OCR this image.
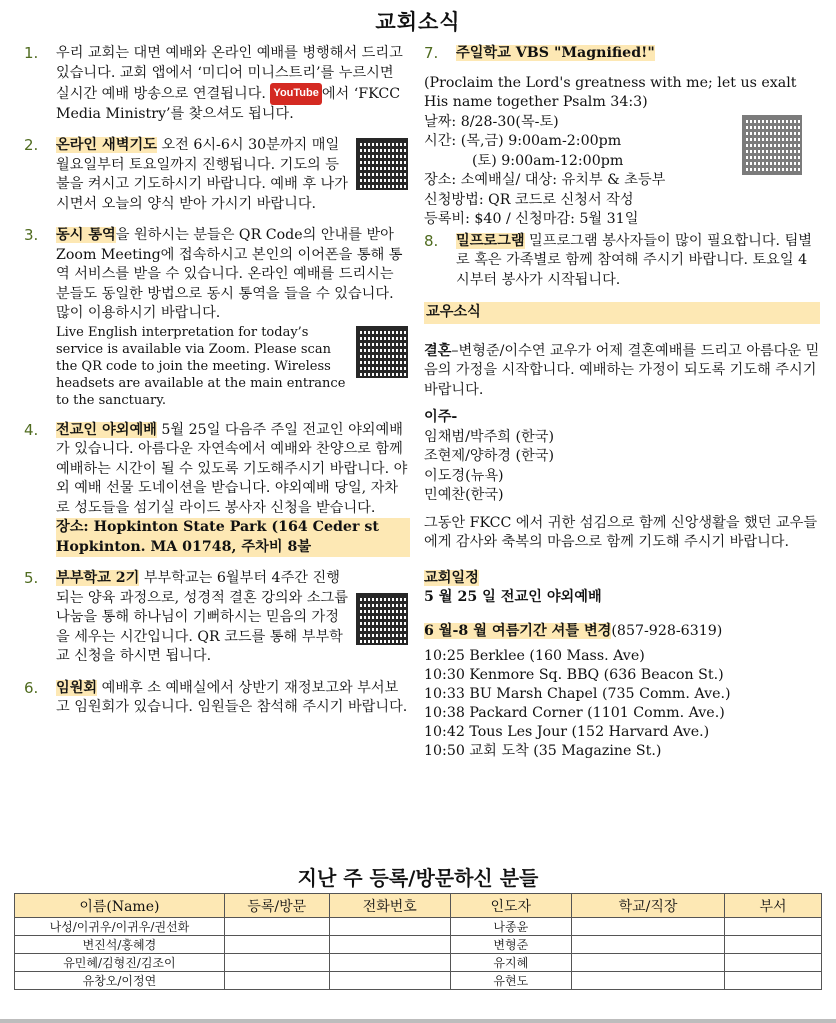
교회소식
1. 우리 교회는 대면 예배와 온라인 예배를 병행해서 드리고 있습니다. 교회 앱에서 ‘미디어 미니스트리’를 누르시면 실시간 예배 방송으로 연결됩니다. YouTube 에서 ‘FKCC Media Ministry’를 찾으셔도 됩니다.
2. 온라인 새벽기도 오전 6시-6시 30분까지 매일 월요일부터 토요일까지 진행됩니다. 기도의 등불을 켜시고 기도하시기 바랍니다. 예배 후 나가시면서 오늘의 양식 받아 가시기 바랍니다.
3. 동시 통역을 원하시는 분들은 QR Code의 안내를 받아 Zoom Meeting에 접속하시고 본인의 이어폰을 통해 통역 서비스를 받을 수 있습니다. 온라인 예배를 드리시는 분들도 동일한 방법으로 동시 통역을 들을 수 있습니다. 많이 이용하시기 바랍니다.
Live English interpretation for today’s service is available via Zoom. Please scan the QR code to join the meeting. Wireless headsets are available at the main entrance to the sanctuary.
4. 전교인 야외예배 5월 25일 다음주 주일 전교인 야외예배가 있습니다. 아름다운 자연속에서 예배와 찬양으로 함께 예배하는 시간이 될 수 있도록 기도해주시기 바랍니다. 야외 예배 선물 도네이션을 받습니다. 야외예배 당일, 자차로 성도들을 섬기실 라이드 봉사자 신청을 받습니다.
장소: Hopkinton State Park (164 Ceder st Hopkinton. MA 01748, 주차비 8불
5. 부부학교 2기 부부학교는 6월부터 4주간 진행되는 양육 과정으로, 성경적 결혼 강의와 소그룹 나눔을 통해 하나님이 기뻐하시는 믿음의 가정을 세우는 시간입니다. QR 코드를 통해 부부학교 신청을 하시면 됩니다.
6. 임원회 예배후 소 예배실에서 상반기 재정보고와 부서보고 임원회가 있습니다. 임원들은 참석해 주시기 바랍니다.
7. 주일학교 VBS "Magnified!"
(Proclaim the Lord's greatness with me; let us exalt His name together Psalm 34:3)
날짜: 8/28-30(목-토)
시간: (목,금) 9:00am-2:00pm
(토) 9:00am-12:00pm
장소: 소예배실/ 대상: 유치부 & 초등부
신청방법: QR 코드로 신청서 작성
등록비: $40 / 신청마감: 5월 31일
8. 밀프로그램 밀프로그램 봉사자들이 많이 필요합니다. 팀별로 혹은 가족별로 함께 참여해 주시기 바랍니다. 토요일 4시부터 봉사가 시작됩니다.
교우소식
결혼–변형준/이수연 교우가 어제 결혼예배를 드리고 아름다운 믿음의 가정을 시작합니다. 예배하는 가정이 되도록 기도해 주시기 바랍니다.
이주-
임채범/박주희 (한국)
조현제/양하경 (한국)
이도경(뉴욕)
민예찬(한국)
그동안 FKCC 에서 귀한 섬김으로 함께 신앙생활을 했던 교우들에게 감사와 축복의 마음으로 함께 기도해 주시기 바랍니다.
교회일정
5 월 25 일 전교인 야외예배
6 월-8 월 여름기간 셔틀 변경(857-928-6319)
10:25 Berklee (160 Mass. Ave)
10:30 Kenmore Sq. BBQ (636 Beacon St.)
10:33 BU Marsh Chapel (735 Comm. Ave.)
10:38 Packard Corner (1101 Comm. Ave.)
10:42 Tous Les Jour (152 Harvard Ave.)
10:50 교회 도착 (35 Magazine St.)
지난 주 등록/방문하신 분들
이름(Name)	등록/방문	전화번호	인도자	학교/직장	부서
나성/이귀우/이귀우/권선화			나종윤		
변진석/홍혜경			변형준		
유민혜/김형진/김조이			유지혜		
유창오/이정연			유현도		
